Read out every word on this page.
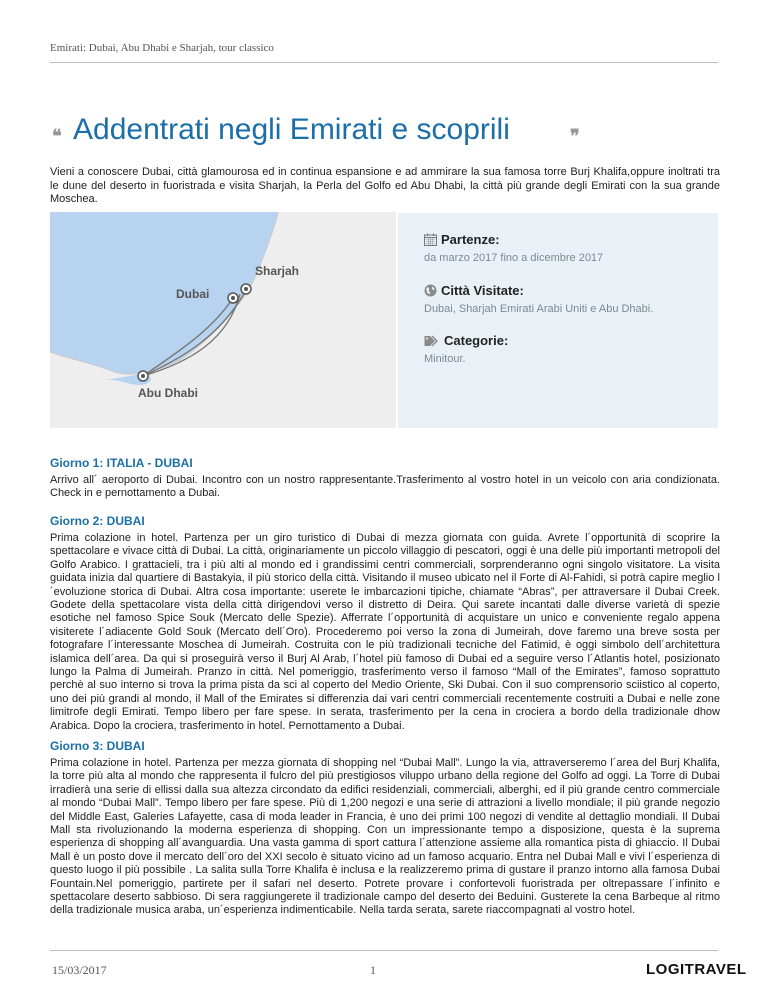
Emirati: Dubai, Abu Dhabi e Sharjah, tour classico
❝ Addentrati negli Emirati e scoprili	❞

Vieni a conoscere Dubai, città glamourosa ed in continua espansione e ad ammirare la sua famosa torre Burj Khalifa,oppure inoltrati tra le dune del deserto in fuoristrada e visita Sharjah, la Perla del Golfo ed Abu Dhabi, la città più grande degli Emirati con la sua grande Moschea.

Dubai
Sharjah
Abu Dhabi
Partenze:
da marzo 2017 fino a dicembre 2017
Città Visitate:
Dubai, Sharjah Emirati Arabi Uniti e Abu Dhabi.
Categorie:
Minitour.
Giorno 1: ITALIA - DUBAI

Arrivo all´ aeroporto di Dubai. Incontro con un nostro rappresentante.Trasferimento al vostro hotel in un veicolo con aria condizionata. Check in e pernottamento a Dubai.

Giorno 2: DUBAI

Prima colazione in hotel. Partenza per un giro turistico di Dubai di mezza giornata con guida. Avrete l´opportunità di scoprire la spettacolare e vivace città di Dubai. La città, originariamente un piccolo villaggio di pescatori, oggi è una delle più importanti metropoli del Golfo Arabico. I grattacieli, tra i più alti al mondo ed i grandissimi centri commerciali, sorprenderanno ogni singolo visitatore. La visita guidata inizia dal quartiere di Bastakyia, il più storico della città. Visitando il museo ubicato nel il Forte di Al-Fahidi, si potrà capire meglio l´evoluzione storica di Dubai. Altra cosa importante: userete le imbarcazioni tipiche, chiamate “Abras”, per attraversare il Dubai Creek. Godete della spettacolare vista della città dirigendovi verso il distretto di Deira. Qui sarete incantati dalle diverse varietà di spezie esotiche nel famoso Spice Souk (Mercato delle Spezie). Afferrate l´opportunità di acquistare un unico e conveniente regalo appena visiterete l´adiacente Gold Souk (Mercato dell´Oro). Procederemo poi verso la zona di Jumeirah, dove faremo una breve sosta per fotografare l´interessante Moschea di Jumeirah. Costruita con le più tradizionali tecniche del Fatimid, è oggi simbolo dell´architettura islamica dell´area. Da qui si proseguirà verso il Burj Al Arab, l´hotel più famoso di Dubai ed a seguire verso l´Atlantis hotel, posizionato lungo la Palma di Jumeirah. Pranzo in città. Nel pomeriggio, trasferimento verso il famoso “Mall of the Emirates”, famoso soprattuto perchè al suo interno si trova la prima pista da sci al coperto del Medio Oriente, Ski Dubai. Con il suo comprensorio sciistico al coperto, uno dei più grandi al mondo, il Mall of the Emirates si differenzia dai vari centri commerciali recentemente costruiti a Dubai e nelle zone limitrofe degli Emirati. Tempo libero per fare spese. In serata, trasferimento per la cena in crociera a bordo della tradizionale dhow Arabica. Dopo la crociera, trasferimento in hotel. Pernottamento a Dubai.

Giorno 3: DUBAI

Prima colazione in hotel. Partenza per mezza giornata di shopping nel “Dubai Mall”. Lungo la via, attraverseremo l´area del Burj Khalifa, la torre più alta al mondo che rappresenta il fulcro del più prestigiosos viluppo urbano della regione del Golfo ad oggi. La Torre di Dubai irradierà una serie di ellissi dalla sua altezza circondato da edifici residenziali, commerciali, alberghi, ed il più grande centro commerciale al mondo “Dubai Mall”. Tempo libero per fare spese. Più di 1,200 negozi e una serie di attrazioni a livello mondiale; il più grande negozio del Middle East, Galeries Lafayette, casa di moda leader in Francia, è uno dei primi 100 negozi di vendite al dettaglio mondiali. Il Dubai Mall sta rivoluzionando la moderna esperienza di shopping. Con un impressionante tempo a disposizione, questa è la suprema esperienza di shopping all´avanguardia. Una vasta gamma di sport cattura l´attenzione assieme alla romantica pista di ghiaccio. Il Dubai Mall è un posto dove il mercato dell´oro del XXI secolo è situato vicino ad un famoso acquario. Entra nel Dubai Mall e vivi l´esperienza di questo luogo il più possibile . La salita sulla Torre Khalifa è inclusa e la realizzeremo prima di gustare il pranzo intorno alla famosa Dubai Fountain.Nel pomeriggio, partirete per il safari nel deserto. Potrete provare i confortevoli fuoristrada per oltrepassare l´infinito e spettacolare deserto sabbioso. Di sera raggiungerete il tradizionale campo del deserto dei Beduini. Gusterete la cena Barbeque al ritmo della tradizionale musica araba, un´esperienza indimenticabile. Nella tarda serata, sarete riaccompagnati al vostro hotel.

15/03/2017	1	LOGITRAVEL
